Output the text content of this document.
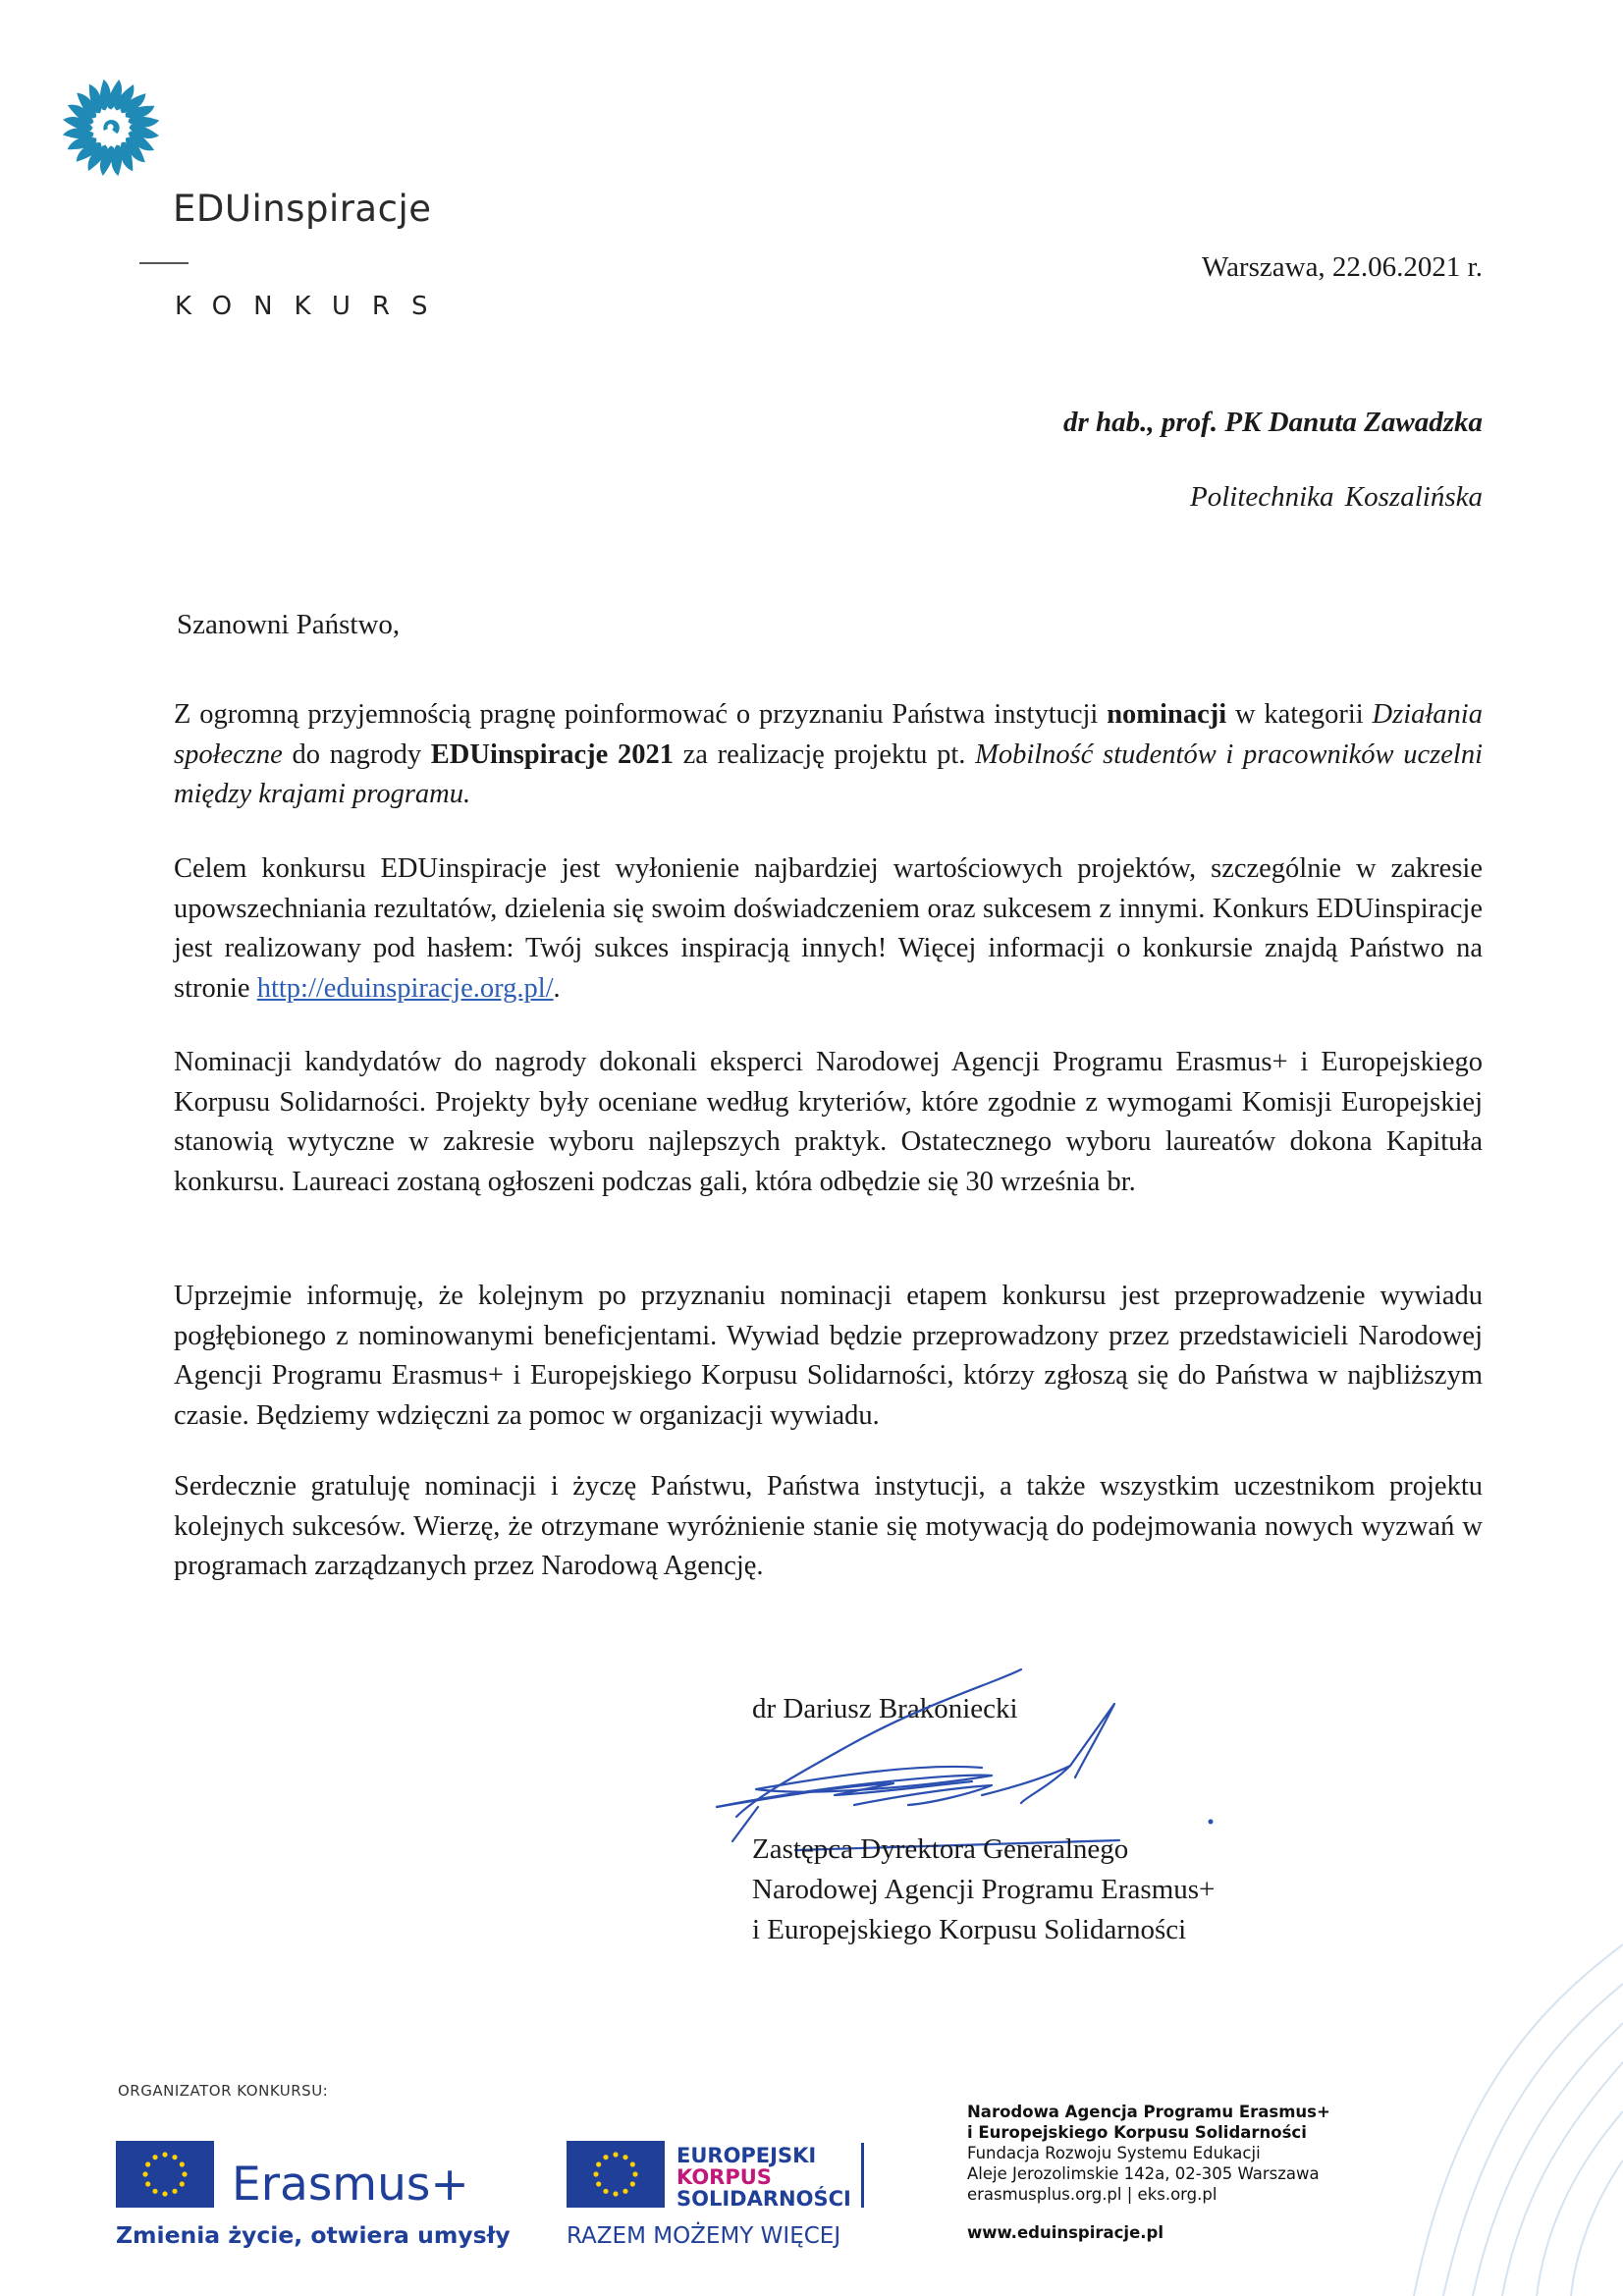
EDUinspiracje
KONKURS
Warszawa, 22.06.2021 r.
dr hab., prof. PK Danuta Zawadzka
Politechnika Koszalińska
Szanowni Państwo,
Z ogromną przyjemnością pragnę poinformować o przyznaniu Państwa instytucji nominacji w kategorii Działania społeczne do nagrody EDUinspiracje 2021 za realizację projektu pt. Mobilność studentów i pracowników uczelni między krajami programu.
Celem konkursu EDUinspiracje jest wyłonienie najbardziej wartościowych projektów, szczególnie w zakresie upowszechniania rezultatów, dzielenia się swoim doświadczeniem oraz sukcesem z innymi. Konkurs EDUinspiracje jest realizowany pod hasłem: Twój sukces inspiracją innych! Więcej informacji o konkursie znajdą Państwo na stronie http://eduinspiracje.org.pl/.
Nominacji kandydatów do nagrody dokonali eksperci Narodowej Agencji Programu Erasmus+ i Europejskiego Korpusu Solidarności. Projekty były oceniane według kryteriów, które zgodnie z wymogami Komisji Europejskiej stanowią wytyczne w zakresie wyboru najlepszych praktyk. Ostatecznego wyboru laureatów dokona Kapituła konkursu. Laureaci zostaną ogłoszeni podczas gali, która odbędzie się 30 września br.
Uprzejmie informuję, że kolejnym po przyznaniu nominacji etapem konkursu jest przeprowadzenie wywiadu pogłębionego z nominowanymi beneficjentami. Wywiad będzie przeprowadzony przez przedstawicieli Narodowej Agencji Programu Erasmus+ i Europejskiego Korpusu Solidarności, którzy zgłoszą się do Państwa w najbliższym czasie. Będziemy wdzięczni za pomoc w organizacji wywiadu.
Serdecznie gratuluję nominacji i życzę Państwu, Państwa instytucji, a także wszystkim uczestnikom projektu kolejnych sukcesów. Wierzę, że otrzymane wyróżnienie stanie się motywacją do podejmowania nowych wyzwań w programach zarządzanych przez Narodową Agencję.
dr Dariusz Brakoniecki
Zastępca Dyrektora Generalnego
Narodowej Agencji Programu Erasmus+
i Europejskiego Korpusu Solidarności
ORGANIZATOR KONKURSU:
Erasmus+
Zmienia życie, otwiera umysły
EUROPEJSKI
KORPUS
SOLIDARNOŚCI
RAZEM MOŻEMY WIĘCEJ
Narodowa Agencja Programu Erasmus+
i Europejskiego Korpusu Solidarności
Fundacja Rozwoju Systemu Edukacji
Aleje Jerozolimskie 142a, 02-305 Warszawa
erasmusplus.org.pl | eks.org.pl
www.eduinspiracje.pl
